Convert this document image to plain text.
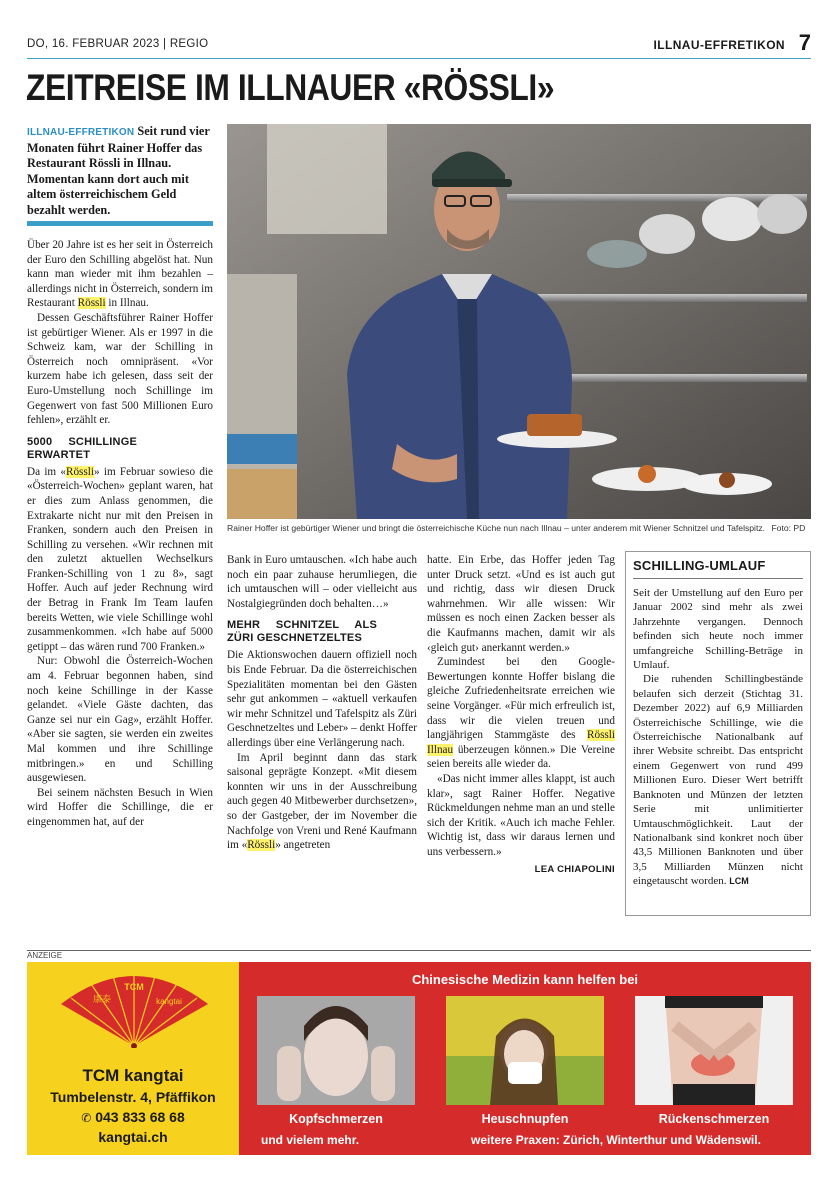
DO, 16. FEBRUAR 2023 | REGIO	ILLNAU-EFFRETIKON 7
ZEITREISE IM ILLNAUER «RÖSSLI»
ILLNAU-EFFRETIKON Seit rund vier Monaten führt Rainer Hoffer das Restaurant Rössli in Illnau. Momentan kann dort auch mit altem österreichischem Geld bezahlt werden.
Rainer Hoffer ist gebürtiger Wiener und bringt die österreichische Küche nun nach Illnau – unter anderem mit Wiener Schnitzel und Tafelspitz. Foto: PD

Über 20 Jahre ist es her seit in Österreich der Euro den Schilling abgelöst hat. Nun kann man wieder mit ihm bezahlen – allerdings nicht in Österreich, sondern im Restaurant Rössli in Illnau.

Dessen Geschäftsführer Rainer Hoffer ist gebürtiger Wiener. Als er 1997 in die Schweiz kam, war der Schilling in Österreich noch omnipräsent. «Vor kurzem habe ich gelesen, dass seit der Euro-Umstellung noch Schillinge im Gegenwert von fast 500 Millionen Euro fehlen», erzählt er.

5000 SCHILLINGE ERWARTET

Da im «Rössli» im Februar sowieso die «Österreich-Wochen» geplant waren, hat er dies zum Anlass genommen, die Extrakarte nicht nur mit den Preisen in Franken, sondern auch den Preisen in Schilling zu versehen. «Wir rechnen mit den zuletzt aktuellen Wechselkurs Franken-Schilling von 1 zu 8», sagt Hoffer. Auch auf jeder Rechnung wird der Betrag in Frank Im Team laufen bereits Wetten, wie viele Schillinge wohl zusammenkommen. «Ich habe auf 5000 getippt – das wären rund 700 Franken.»

Nur: Obwohl die Österreich-Wochen am 4. Februar begonnen haben, sind noch keine Schillinge in der Kasse gelandet. «Viele Gäste dachten, das Ganze sei nur ein Gag», erzählt Hoffer. «Aber sie sagten, sie werden ein zweites Mal kommen und ihre Schillinge mitbringen.» en und Schilling ausgewiesen.

Bei seinem nächsten Besuch in Wien wird Hoffer die Schillinge, die er eingenommen hat, auf der

Bank in Euro umtauschen. «Ich habe auch noch ein paar zuhause herumliegen, die ich umtauschen will – oder vielleicht aus Nostalgiegründen doch behalten…»

MEHR SCHNITZEL ALS ZÜRI GESCHNETZELTES

Die Aktionswochen dauern offiziell noch bis Ende Februar. Da die österreichischen Spezialitäten momentan bei den Gästen sehr gut ankommen – «aktuell verkaufen wir mehr Schnitzel und Tafelspitz als Züri Geschnetzeltes und Leber» – denkt Hoffer allerdings über eine Verlängerung nach.

Im April beginnt dann das stark saisonal geprägte Konzept. «Mit diesem konnten wir uns in der Ausschreibung auch gegen 40 Mitbewerber durchsetzen», so der Gastgeber, der im November die Nachfolge von Vreni und René Kaufmann im «Rössli» angetreten

hatte. Ein Erbe, das Hoffer jeden Tag unter Druck setzt. «Und es ist auch gut und richtig, dass wir diesen Druck wahrnehmen. Wir alle wissen: Wir müssen es noch einen Zacken besser als die Kaufmanns machen, damit wir als ‹gleich gut› anerkannt werden.»

Zumindest bei den Google-Bewertungen konnte Hoffer bislang die gleiche Zufriedenheitsrate erreichen wie seine Vorgänger. «Für mich erfreulich ist, dass wir die vielen treuen und langjährigen Stammgäste des Rössli Illnau überzeugen können.» Die Vereine seien bereits alle wieder da.

«Das nicht immer alles klappt, ist auch klar», sagt Rainer Hoffer. Negative Rückmeldungen nehme man an und stelle sich der Kritik. «Auch ich mache Fehler. Wichtig ist, dass wir daraus lernen und uns verbessern.»

LEA CHIAPOLINI
SCHILLING-UMLAUF

Seit der Umstellung auf den Euro per Januar 2002 sind mehr als zwei Jahrzehnte vergangen. Dennoch befinden sich heute noch immer umfangreiche Schilling-Beträge in Umlauf.

Die ruhenden Schillingbestände belaufen sich derzeit (Stichtag 31. Dezember 2022) auf 6,9 Milliarden Österreichische Schillinge, wie die Österreichische Nationalbank auf ihrer Website schreibt. Das entspricht einem Gegenwert von rund 499 Millionen Euro. Dieser Wert betrifft Banknoten und Münzen der letzten Serie mit unlimitierter Umtauschmöglichkeit. Laut der Nationalbank sind konkret noch über 43,5 Millionen Banknoten und über 3,5 Milliarden Münzen nicht eingetauscht worden. LCM

ANZEIGE
TCM
康泰	kangtai
TCM kangtai
Tumbelenstr. 4, Pfäffikon
✆ 043 833 68 68
kangtai.ch
Chinesische Medizin kann helfen bei
Kopfschmerzen	Heuschnupfen	Rückenschmerzen
und vielem mehr.	weitere Praxen: Zürich, Winterthur und Wädenswil.
